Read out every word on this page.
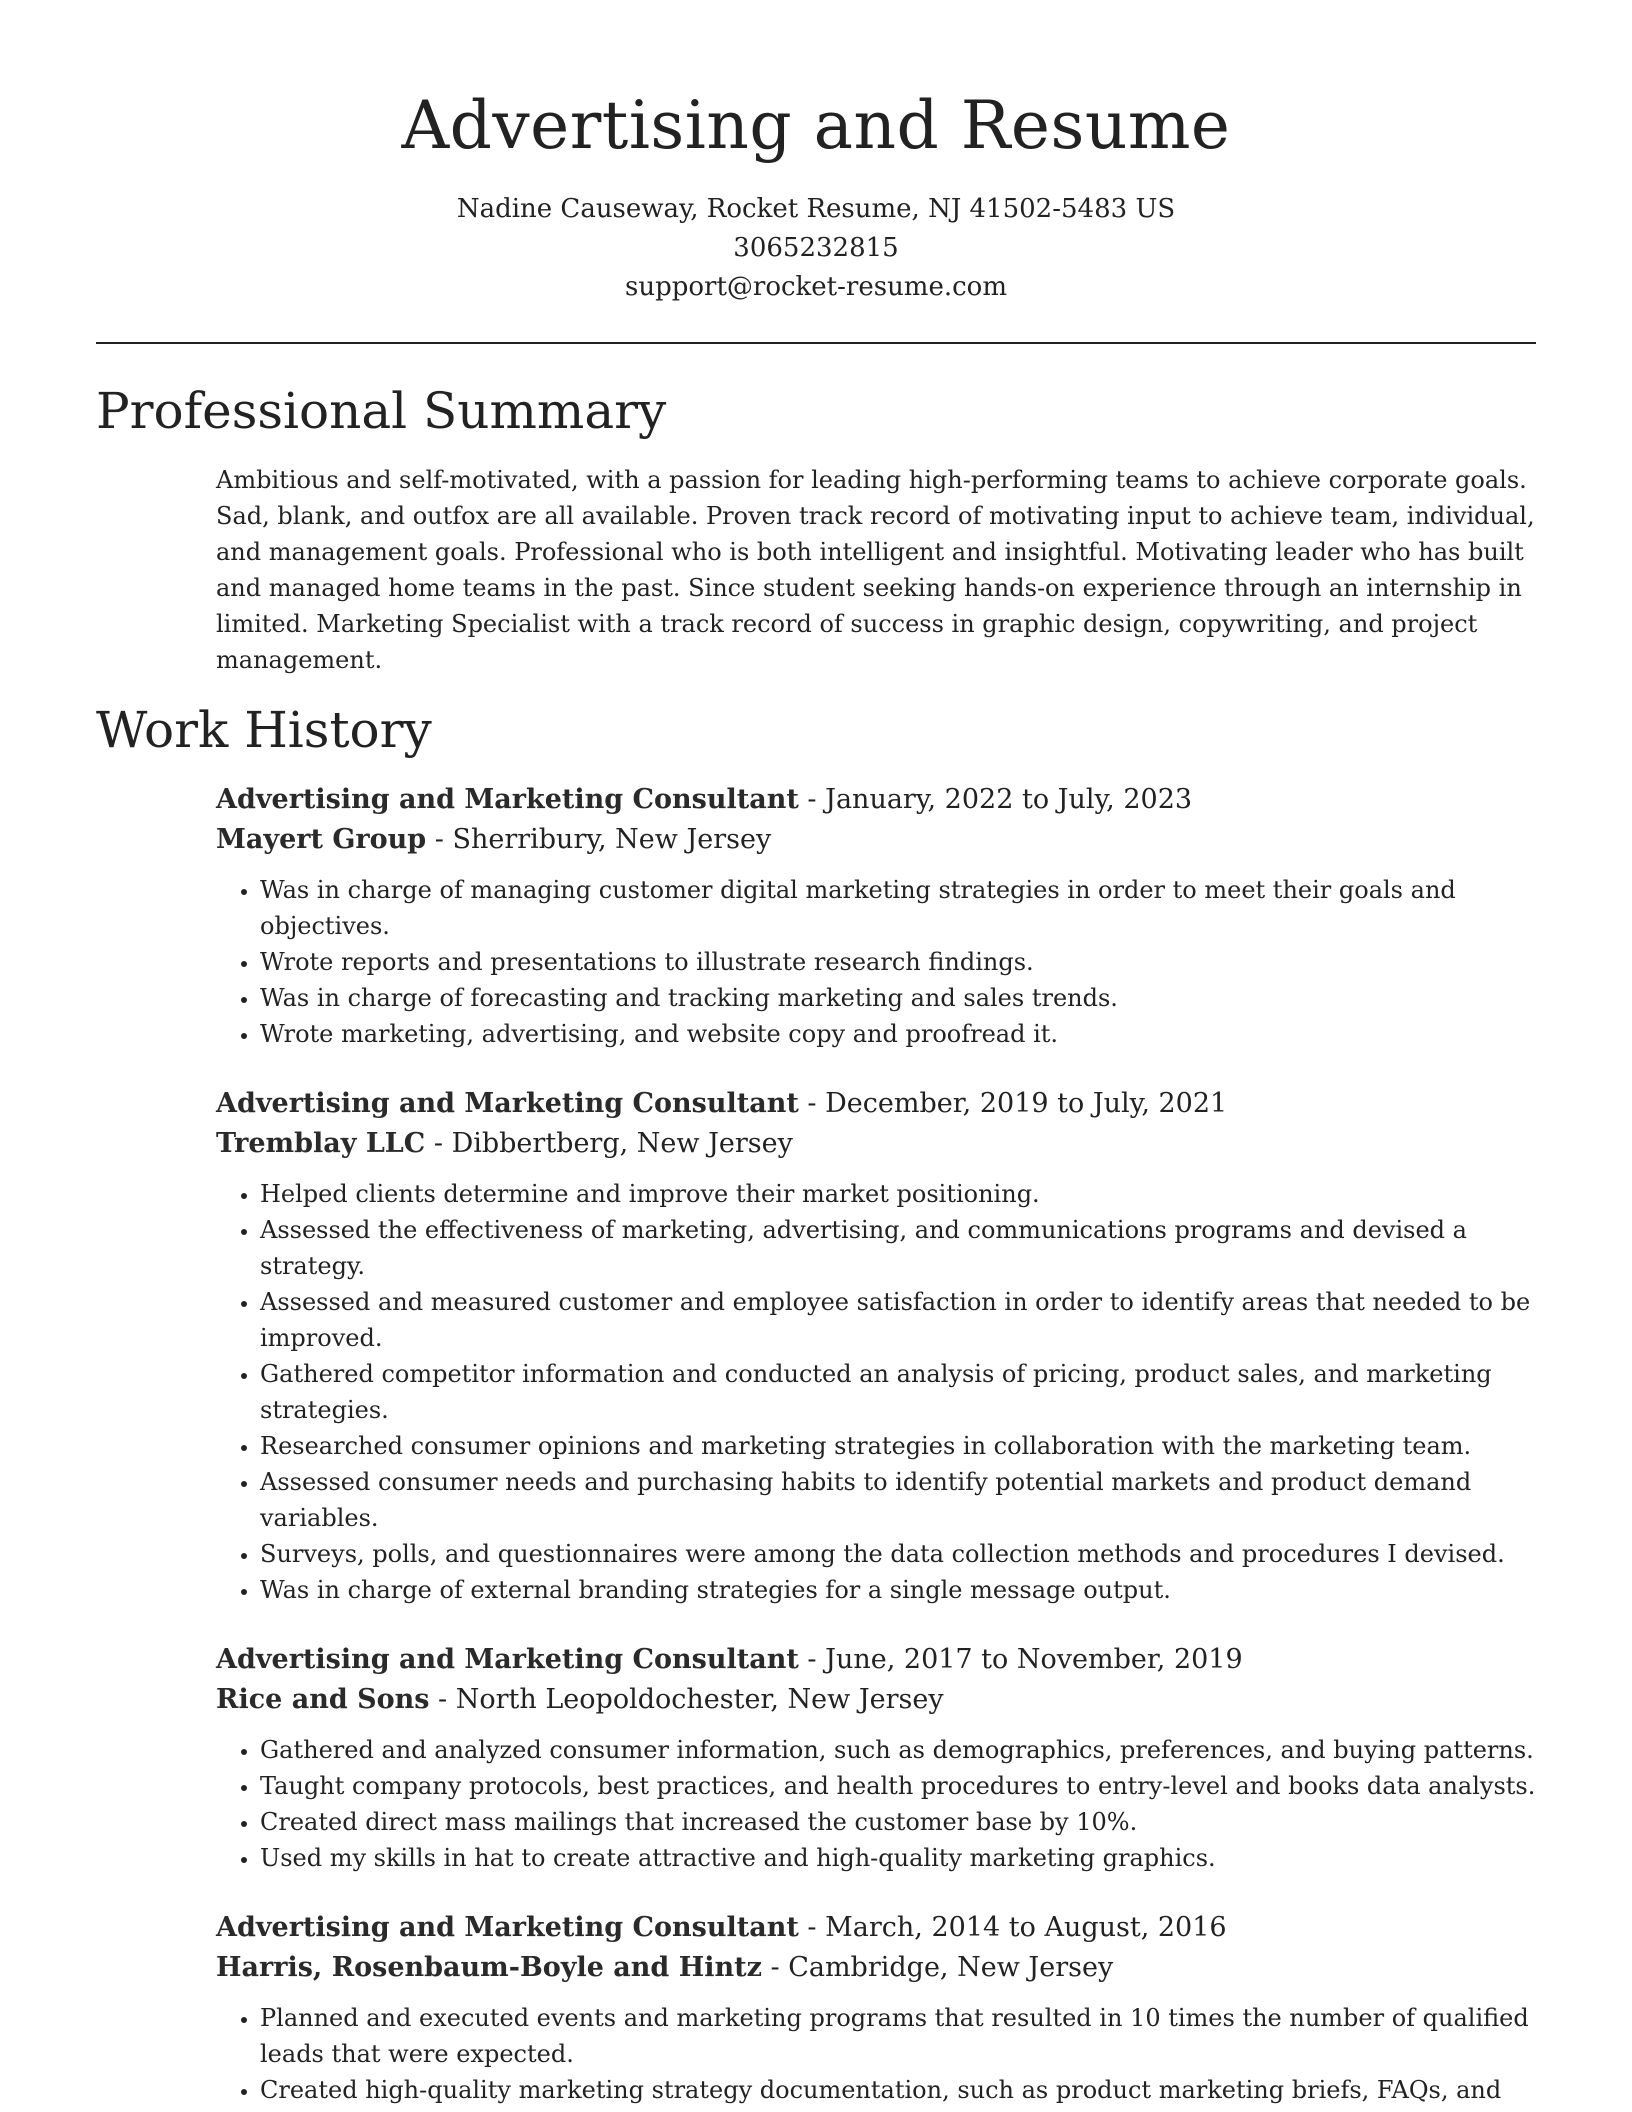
Advertising and Resume
Nadine Causeway, Rocket Resume, NJ 41502-5483 US
3065232815
support@rocket-resume.com
Professional Summary

Ambitious and self-motivated, with a passion for leading high-performing teams to achieve corporate goals. Sad, blank, and outfox are all available. Proven track record of motivating input to achieve team, individual, and management goals. Professional who is both intelligent and insightful. Motivating leader who has built and managed home teams in the past. Since student seeking hands-on experience through an internship in limited. Marketing Specialist with a track record of success in graphic design, copywriting, and project management.

Work History
Advertising and Marketing Consultant - January, 2022 to July, 2023
Mayert Group - Sherribury, New Jersey
• Was in charge of managing customer digital marketing strategies in order to meet their goals and objectives.
• Wrote reports and presentations to illustrate research findings.
• Was in charge of forecasting and tracking marketing and sales trends.
• Wrote marketing, advertising, and website copy and proofread it.
Advertising and Marketing Consultant - December, 2019 to July, 2021
Tremblay LLC - Dibbertberg, New Jersey
• Helped clients determine and improve their market positioning.
• Assessed the effectiveness of marketing, advertising, and communications programs and devised a strategy.
• Assessed and measured customer and employee satisfaction in order to identify areas that needed to be improved.
• Gathered competitor information and conducted an analysis of pricing, product sales, and marketing strategies.
• Researched consumer opinions and marketing strategies in collaboration with the marketing team.
• Assessed consumer needs and purchasing habits to identify potential markets and product demand variables.
• Surveys, polls, and questionnaires were among the data collection methods and procedures I devised.
• Was in charge of external branding strategies for a single message output.
Advertising and Marketing Consultant - June, 2017 to November, 2019
Rice and Sons - North Leopoldochester, New Jersey
• Gathered and analyzed consumer information, such as demographics, preferences, and buying patterns.
• Taught company protocols, best practices, and health procedures to entry-level and books data analysts.
• Created direct mass mailings that increased the customer base by 10%.
• Used my skills in hat to create attractive and high-quality marketing graphics.
Advertising and Marketing Consultant - March, 2014 to August, 2016
Harris, Rosenbaum-Boyle and Hintz - Cambridge, New Jersey
• Planned and executed events and marketing programs that resulted in 10 times the number of qualified leads that were expected.
• Created high-quality marketing strategy documentation, such as product marketing briefs, FAQs, and
